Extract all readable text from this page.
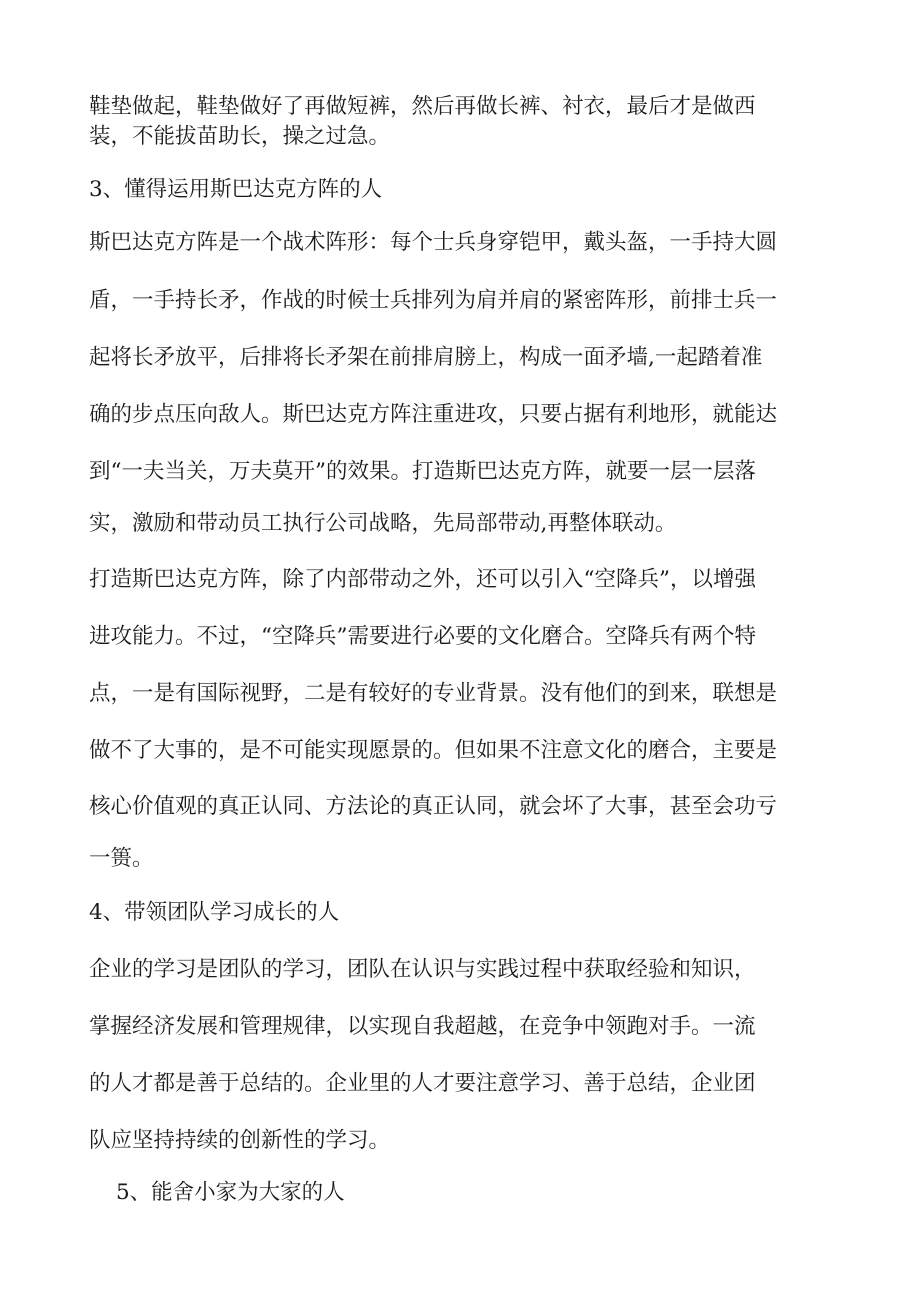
鞋垫做起，鞋垫做好了再做短裤，然后再做长裤、衬衣，最后才是做西
装，不能拔苗助长，操之过急。
3、懂得运用斯巴达克方阵的人
斯巴达克方阵是一个战术阵形：每个士兵身穿铠甲，戴头盔，一手持大圆
盾，一手持长矛，作战的时候士兵排列为肩并肩的紧密阵形，前排士兵一
起将长矛放平，后排将长矛架在前排肩膀上，构成一面矛墙,一起踏着准
确的步点压向敌人。斯巴达克方阵注重进攻，只要占据有利地形，就能达
到“一夫当关，万夫莫开”的效果。打造斯巴达克方阵，就要一层一层落
实，激励和带动员工执行公司战略，先局部带动,再整体联动。
打造斯巴达克方阵，除了内部带动之外，还可以引入“空降兵”，以增强
进攻能力。不过，“空降兵”需要进行必要的文化磨合。空降兵有两个特
点，一是有国际视野，二是有较好的专业背景。没有他们的到来，联想是
做不了大事的，是不可能实现愿景的。但如果不注意文化的磨合，主要是
核心价值观的真正认同、方法论的真正认同，就会坏了大事，甚至会功亏
一篑。
4、带领团队学习成长的人
企业的学习是团队的学习，团队在认识与实践过程中获取经验和知识，
掌握经济发展和管理规律，以实现自我超越，在竞争中领跑对手。一流
的人才都是善于总结的。企业里的人才要注意学习、善于总结，企业团
队应坚持持续的创新性的学习。
5、能舍小家为大家的人
